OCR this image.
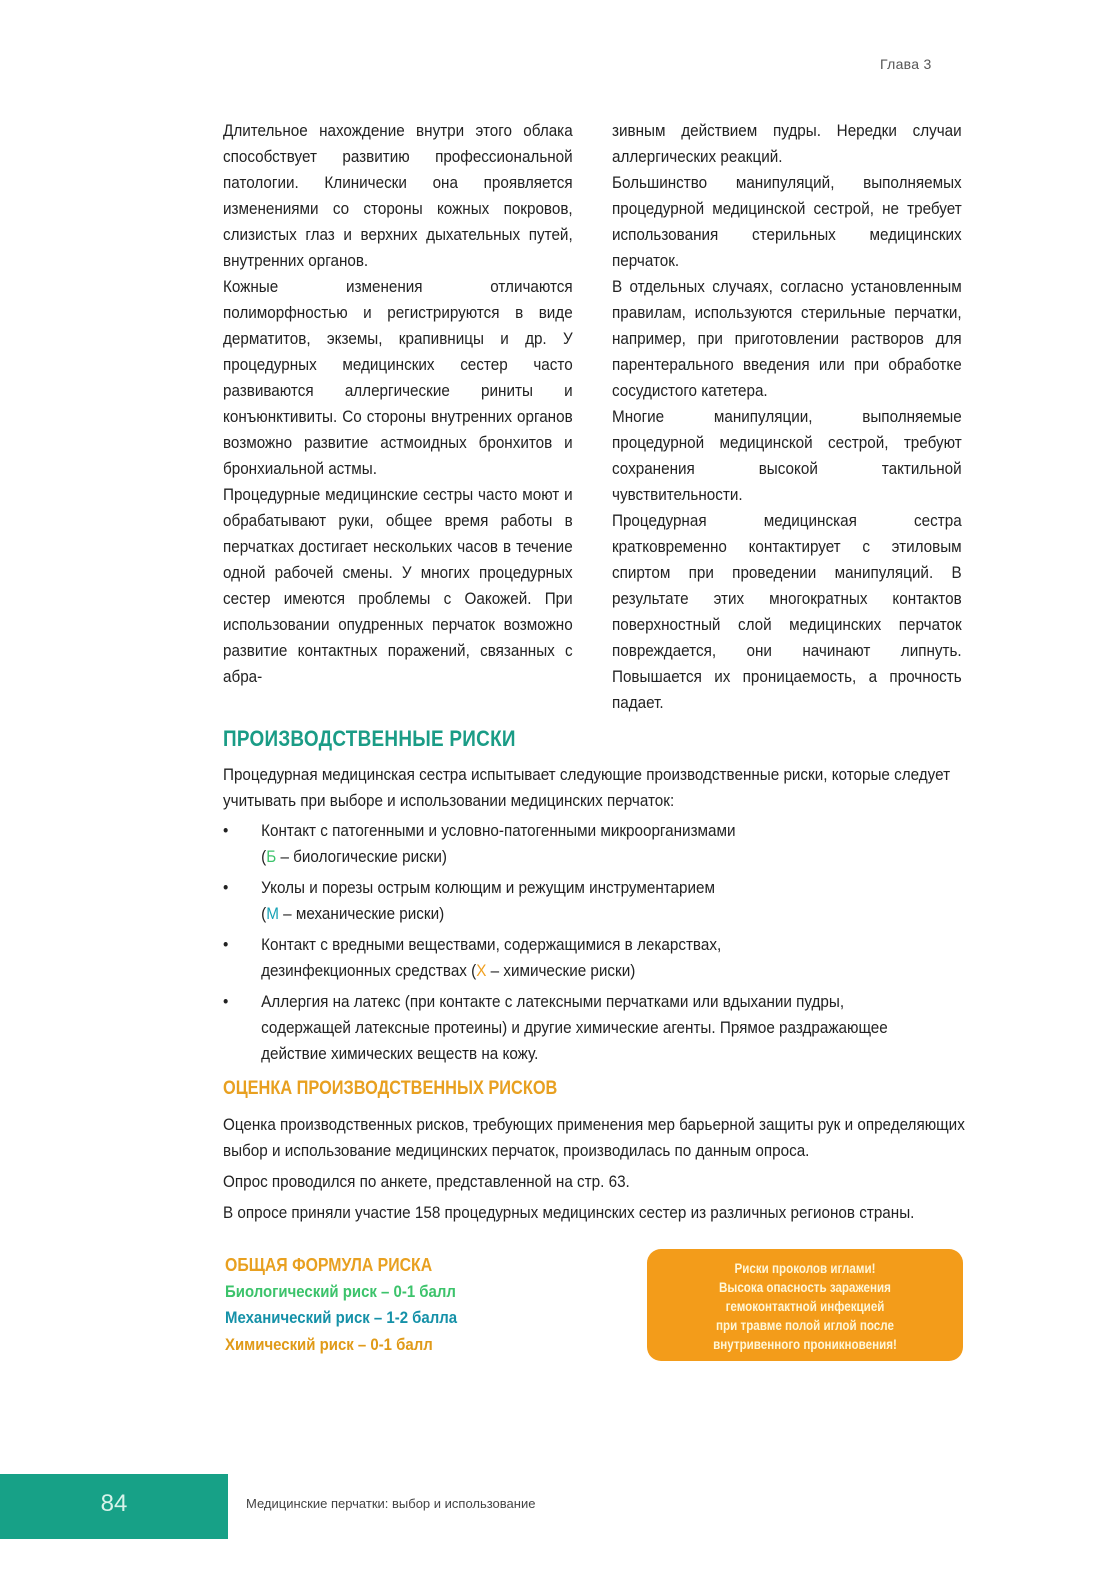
Глава 3

Длительное нахождение внутри этого облака способствует развитию профессиональной патологии. Клинически она проявляется изменениями со стороны кожных покровов, слизистых глаз и верхних дыхательных путей, внутренних органов.

Кожные изменения отличаются полиморфностью и регистрируются в виде дерматитов, экземы, крапивницы и др. У процедурных медицинских сестер часто развиваются аллергические риниты и конъюнктивиты. Со стороны внутренних органов возможно развитие астмоидных бронхитов и бронхиальной астмы.

Процедурные медицинские сестры часто моют и обрабатывают руки, общее время работы в перчатках достигает нескольких часов в течение одной рабочей смены. У многих процедурных сестер имеются проблемы с Оакожей. При использовании опудренных перчаток возможно развитие контактных поражений, связанных с абра-

зивным действием пудры. Нередки случаи аллергических реакций.

Большинство манипуляций, выполняемых процедурной медицинской сестрой, не требует использования стерильных медицинских перчаток.

В отдельных случаях, согласно установленным правилам, используются стерильные перчатки, например, при приготовлении растворов для парентерального введения или при обработке сосудистого катетера.

Многие манипуляции, выполняемые процедурной медицинской сестрой, требуют сохранения высокой тактильной чувствительности.

Процедурная медицинская сестра кратковременно контактирует с этиловым спиртом при проведении манипуляций. В результате этих многократных контактов поверхностный слой медицинских перчаток повреждается, они начинают липнуть. Повышается их проницаемость, а прочность падает.

ПРОИЗВОДСТВЕННЫЕ РИСКИ

Процедурная медицинская сестра испытывает следующие производственные риски, которые следует учитывать при выборе и использовании медицинских перчаток:

• Контакт с патогенными и условно-патогенными микроорганизмами
(Б – биологические риски)
• Уколы и порезы острым колющим и режущим инструментарием
(М – механические риски)
• Контакт с вредными веществами, содержащимися в лекарствах,
дезинфекционных средствах (Х – химические риски)
• Аллергия на латекс (при контакте с латексными перчатками или вдыхании пудры, содержащей латексные протеины) и другие химические агенты. Прямое раздражающее действие химических веществ на кожу.
ОЦЕНКА ПРОИЗВОДСТВЕННЫХ РИСКОВ

Оценка производственных рисков, требующих применения мер барьерной защиты рук и определяющих выбор и использование медицинских перчаток, производилась по данным опроса.

Опрос проводился по анкете, представленной на стр. 63.

В опросе приняли участие 158 процедурных медицинских сестер из различных регионов страны.

ОБЩАЯ ФОРМУЛА РИСКА
Биологический риск – 0-1 балл
Механический риск – 1-2 балла
Химический риск – 0-1 балл
Риски проколов иглами!
Высока опасность заражения
гемоконтактной инфекцией
при травме полой иглой после
внутривенного проникновения!
84	Медицинские перчатки: выбор и использование
